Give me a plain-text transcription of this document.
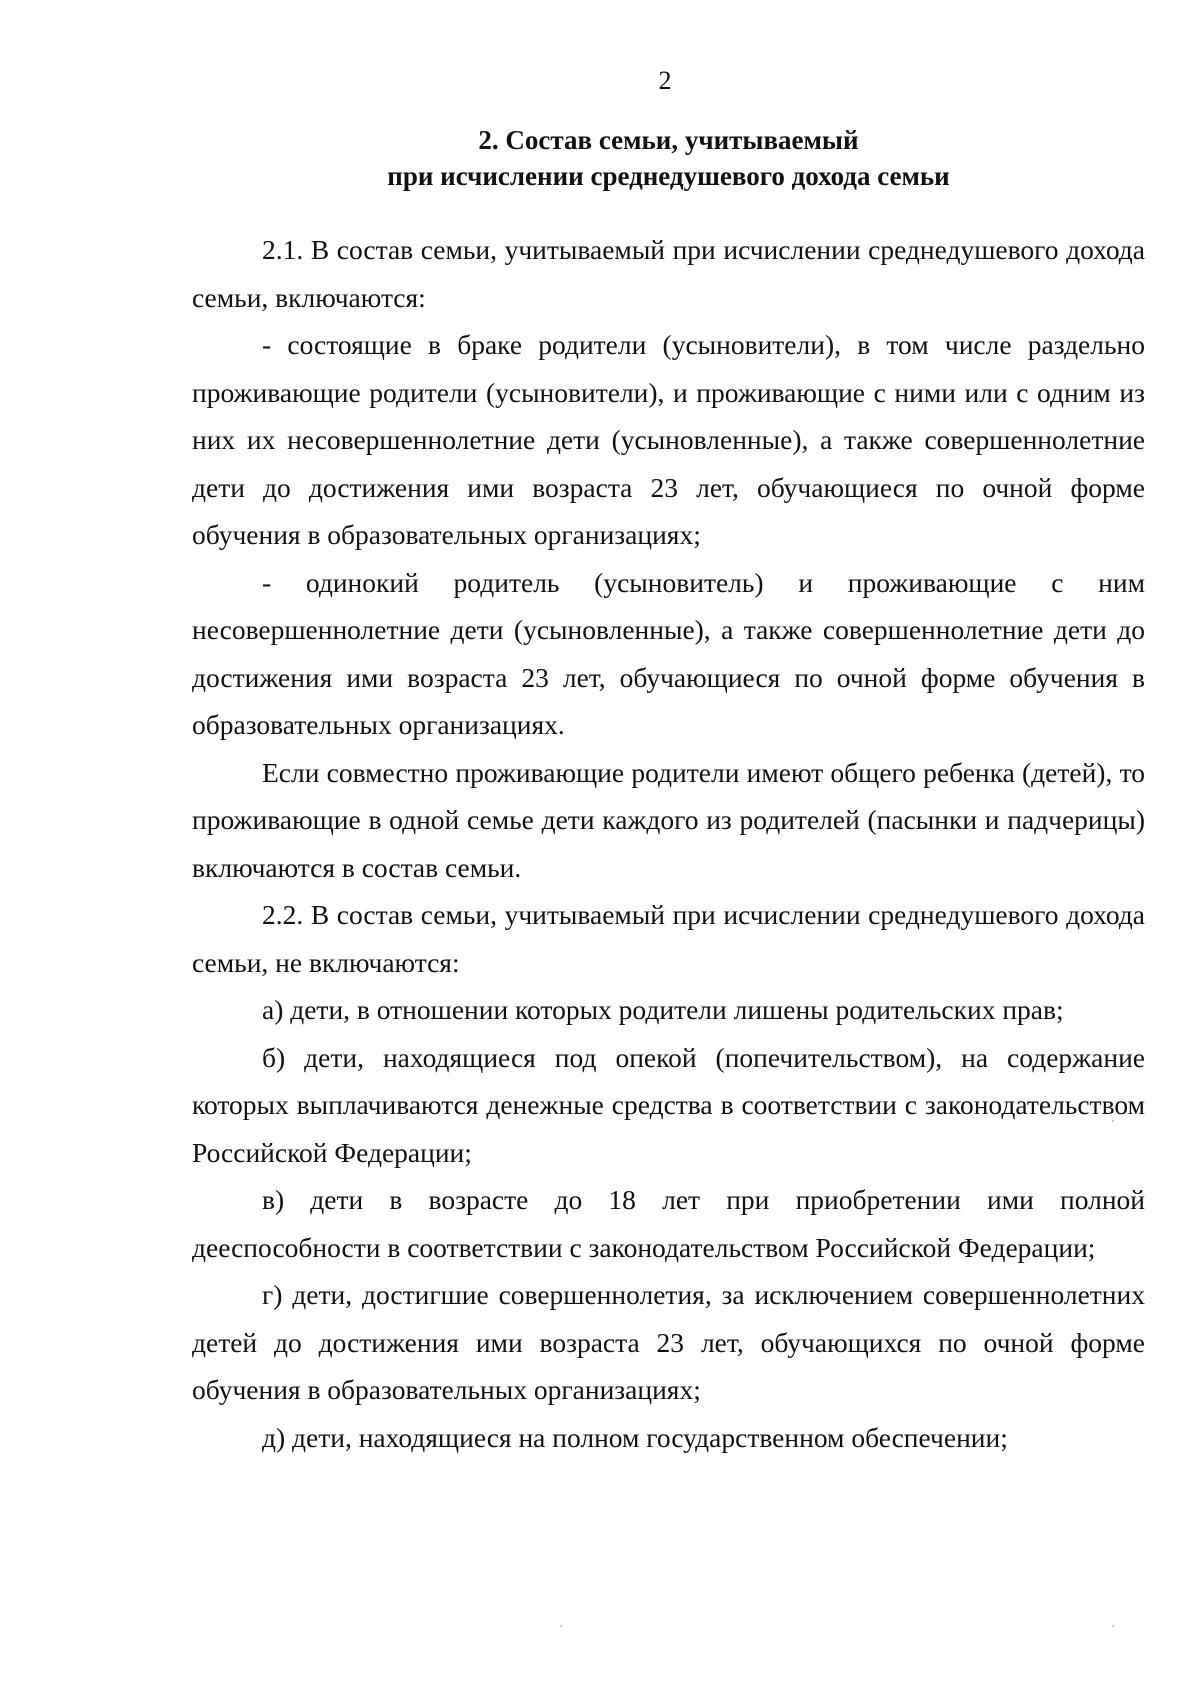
2
2. Состав семьи, учитываемый
при исчислении среднедушевого дохода семьи

2.1. В состав семьи, учитываемый при исчислении среднедушевого дохода семьи, включаются:

- состоящие в браке родители (усыновители), в том числе раздельно проживающие родители (усыновители), и проживающие с ними или с одним из них их несовершеннолетние дети (усыновленные), а также совершеннолетние дети до достижения ими возраста 23 лет, обучающиеся по очной форме обучения в образовательных организациях;

- одинокий родитель (усыновитель) и проживающие с ним несовершеннолетние дети (усыновленные), а также совершеннолетние дети до достижения ими возраста 23 лет, обучающиеся по очной форме обучения в образовательных организациях.

Если совместно проживающие родители имеют общего ребенка (детей), то проживающие в одной семье дети каждого из родителей (пасынки и падчерицы) включаются в состав семьи.

2.2. В состав семьи, учитываемый при исчислении среднедушевого дохода семьи, не включаются:

а) дети, в отношении которых родители лишены родительских прав;

б) дети, находящиеся под опекой (попечительством), на содержание которых выплачиваются денежные средства в соответствии с законодательством Российской Федерации;

в) дети в возрасте до 18 лет при приобретении ими полной дееспособности в соответствии с законодательством Российской Федерации;

г) дети, достигшие совершеннолетия, за исключением совершеннолетних детей до достижения ими возраста 23 лет, обучающихся по очной форме обучения в образовательных организациях;

д) дети, находящиеся на полном государственном обеспечении;
